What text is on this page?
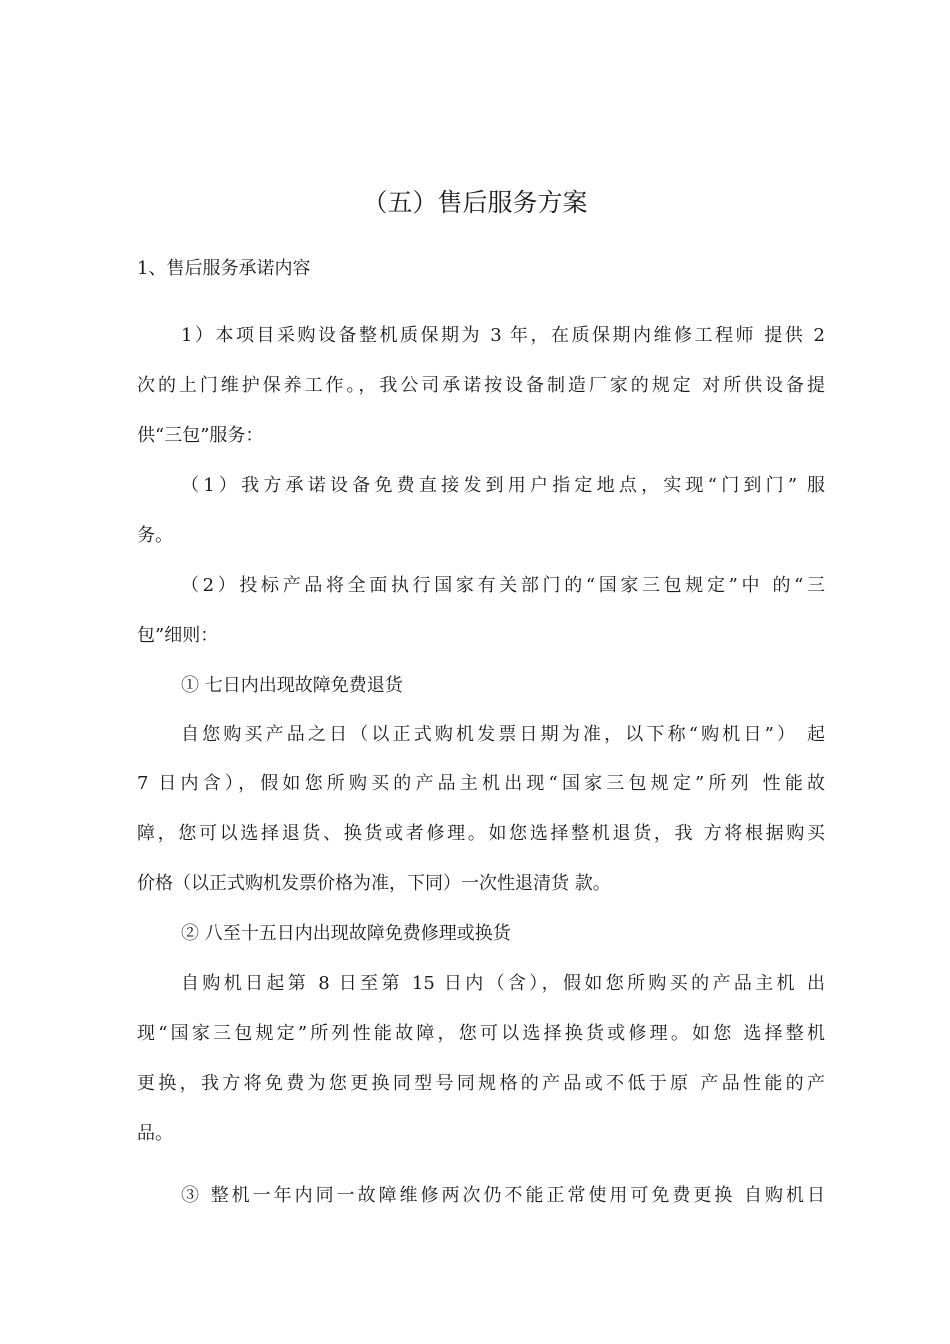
（五）售后服务方案
1、售后服务承诺内容
1）本项目采购设备整机质保期为 3 年，在质保期内维修工程师 提供 2
次的上门维护保养工作。，我公司承诺按设备制造厂家的规定 对所供设备提
供“三包”服务：
（1）我方承诺设备免费直接发到用户指定地点，实现“门到门” 服
务。
（2）投标产品将全面执行国家有关部门的“国家三包规定”中 的“三
包”细则：
① 七日内出现故障免费退货
自您购买产品之日（以正式购机发票日期为准，以下称“购机日”） 起
7 日内含），假如您所购买的产品主机出现“国家三包规定”所列 性能故
障，您可以选择退货、换货或者修理。如您选择整机退货，我 方将根据购买
价格（以正式购机发票价格为准，下同）一次性退清货 款。
② 八至十五日内出现故障免费修理或换货
自购机日起第 8 日至第 15 日内（含），假如您所购买的产品主机 出
现“国家三包规定”所列性能故障，您可以选择换货或修理。如您 选择整机
更换，我方将免费为您更换同型号同规格的产品或不低于原 产品性能的产
品。
③ 整机一年内同一故障维修两次仍不能正常使用可免费更换 自购机日
